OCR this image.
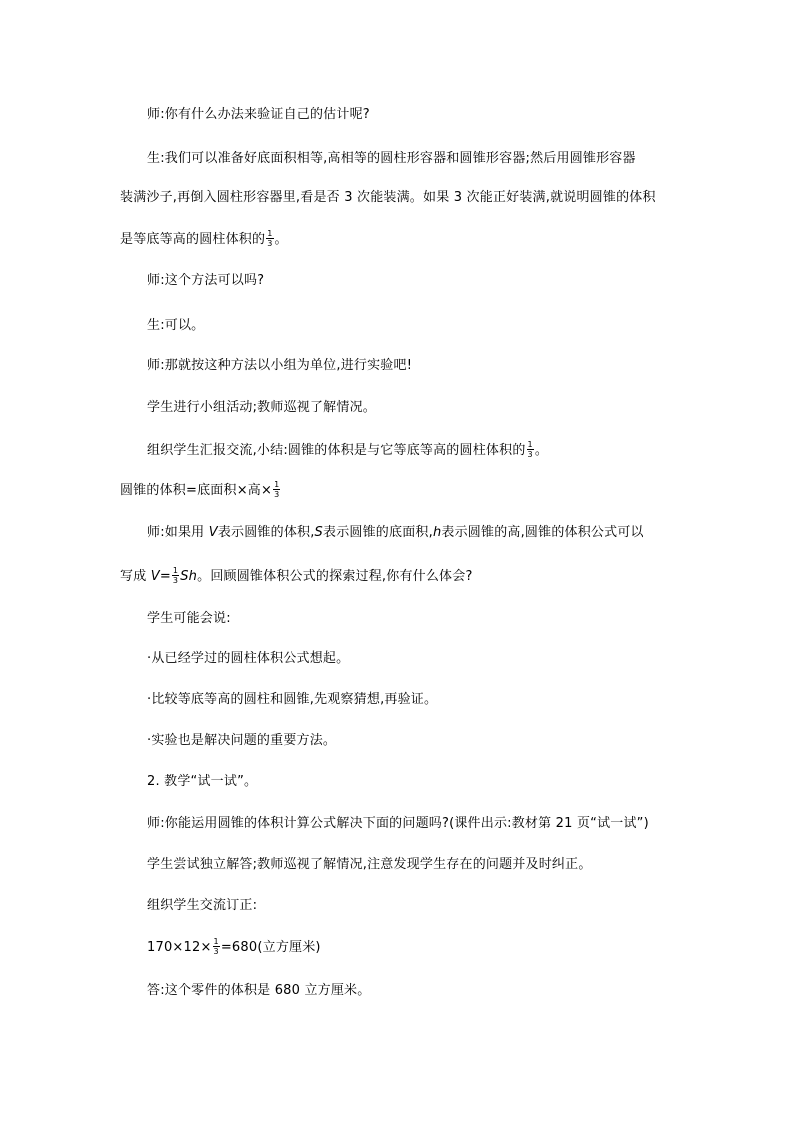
师:你有什么办法来验证自己的估计呢?
生:我们可以准备好底面积相等,高相等的圆柱形容器和圆锥形容器;然后用圆锥形容器
装满沙子,再倒入圆柱形容器里,看是否 3 次能装满。如果 3 次能正好装满,就说明圆锥的体积
是等底等高的圆柱体积的 $\frac{1}{3}$ 。
师:这个方法可以吗?
生:可以。
师:那就按这种方法以小组为单位,进行实验吧!
学生进行小组活动;教师巡视了解情况。
组织学生汇报交流,小结:圆锥的体积是与它等底等高的圆柱体积的 $\frac{1}{3}$ 。
圆锥的体积=底面积×高× $\frac{1}{3}$
师:如果用 V表示圆锥的体积,S表示圆锥的底面积,h表示圆锥的高,圆锥的体积公式可以
写成 $V= \frac{1}{3}$ Sh。回顾圆锥体积公式的探索过程,你有什么体会?
学生可能会说:
·从已经学过的圆柱体积公式想起。
·比较等底等高的圆柱和圆锥,先观察猜想,再验证。
·实验也是解决问题的重要方法。
2. 教学“试一试”。
师:你能运用圆锥的体积计算公式解决下面的问题吗?(课件出示:教材第 21 页“试一试”)
学生尝试独立解答;教师巡视了解情况,注意发现学生存在的问题并及时纠正。
组织学生交流订正:
$170\times 12\times \frac{1}{3} =680$(立方厘米)
答:这个零件的体积是 680 立方厘米。
